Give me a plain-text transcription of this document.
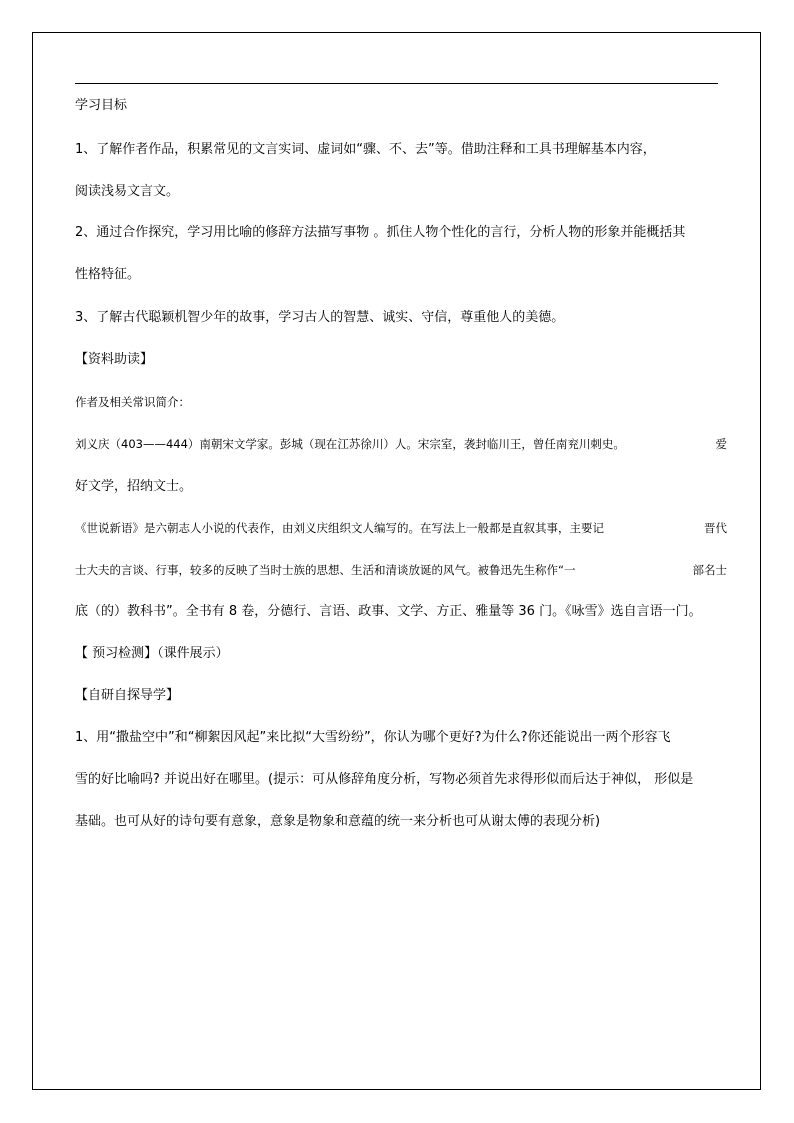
学习目标
1、了解作者作品，积累常见的文言实词、虚词如“骤、不、去”等。借助注释和工具书理解基本内容，
阅读浅易文言文。
2、通过合作探究，学习用比喻的修辞方法描写事物 。抓住人物个性化的言行，分析人物的形象并能概括其
性格特征。
3、了解古代聪颖机智少年的故事，学习古人的智慧、诚实、守信，尊重他人的美德。
【资料助读】
作者及相关常识简介：
刘义庆（403——444）南朝宋文学家。彭城（现在江苏徐川）人。宋宗室，袭封临川王，曾任南兖川刺史。	爱
好文学，招纳文士。
《世说新语》是六朝志人小说的代表作，由刘义庆组织文人编写的。在写法上一般都是直叙其事，主要记	晋代
士大夫的言谈、行事，较多的反映了当时士族的思想、生活和清谈放诞的风气。被鲁迅先生称作“一	部名士
底（的）教科书”。全书有 8 卷，分德行、言语、政事、文学、方正、雅量等 36 门。《咏雪》选自言语一门。
【 预习检测】（课件展示）
【自研自探导学】
1、用“撒盐空中”和“柳絮因风起”来比拟“大雪纷纷”，你认为哪个更好?为什么?你还能说出一两个形容飞
雪的好比喻吗? 并说出好在哪里。(提示：可从修辞角度分析，写物必须首先求得形似而后达于神似， 形似是
基础。也可从好的诗句要有意象，意象是物象和意蕴的统一来分析也可从谢太傅的表现分析)
